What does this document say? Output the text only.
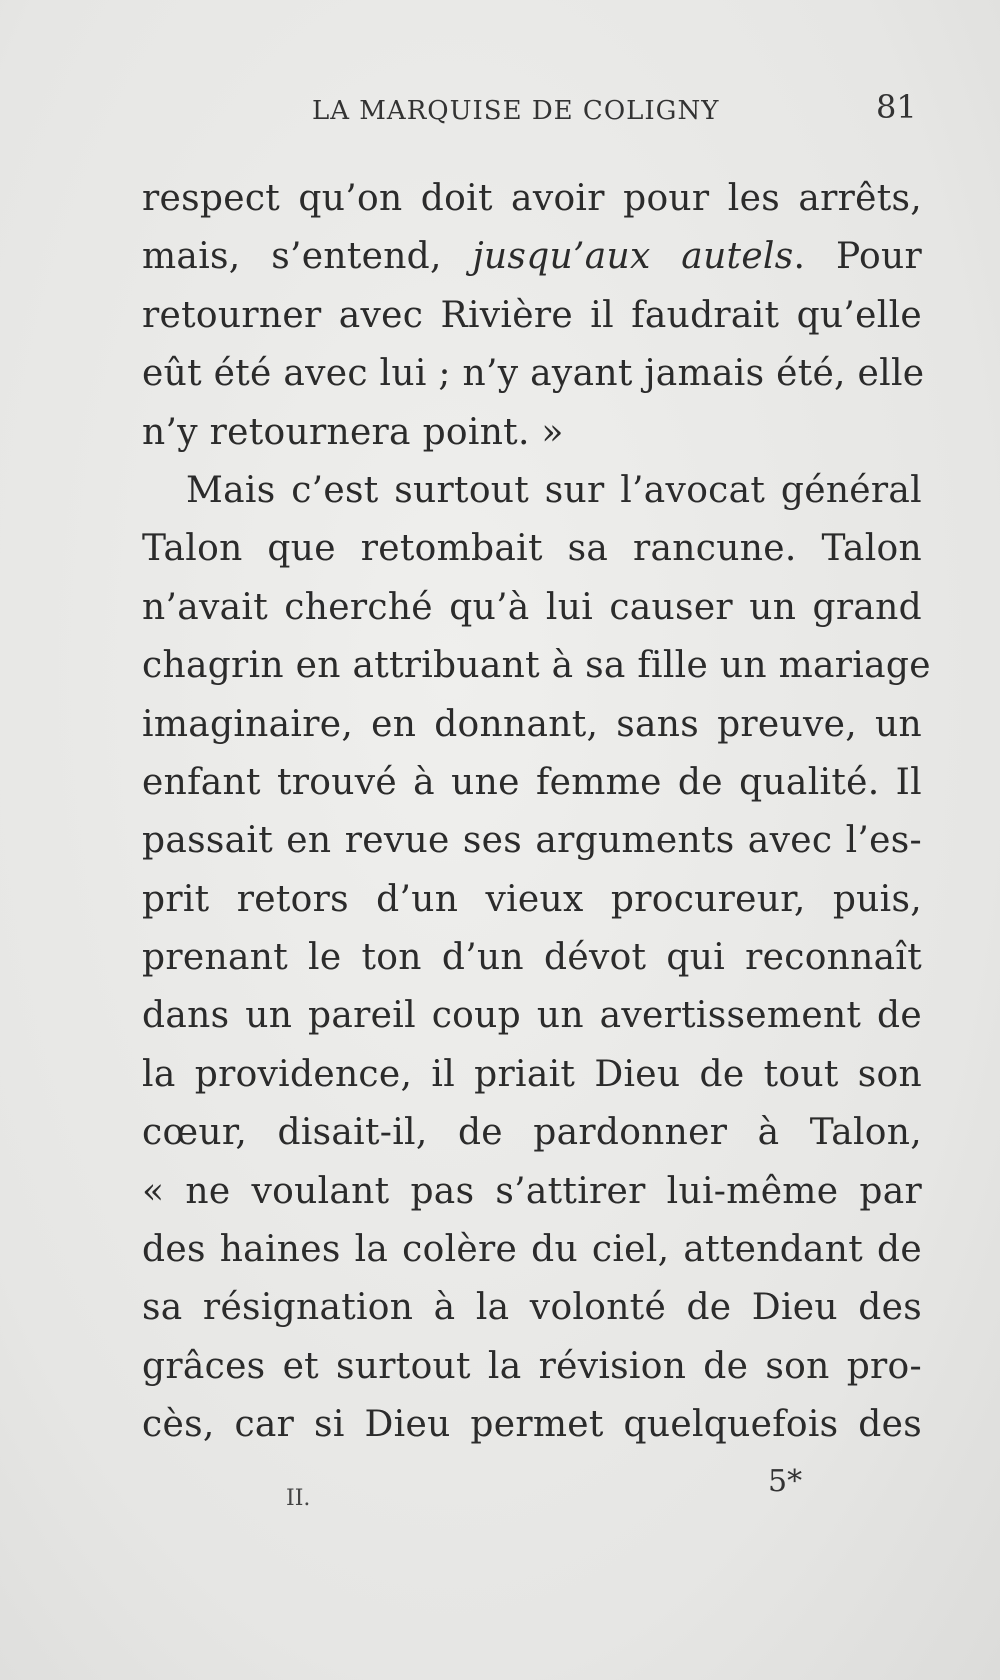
LA MARQUISE DE COLIGNY	81
respect qu’on doit avoir pour les arrêts,
mais, s’entend, jusqu’aux autels. Pour
retourner avec Rivière il faudrait qu’elle
eût été avec lui ; n’y ayant jamais été, elle
n’y retournera point. »
Mais c’est surtout sur l’avocat général
Talon que retombait sa rancune. Talon
n’avait cherché qu’à lui causer un grand
chagrin en attribuant à sa fille un mariage
imaginaire, en donnant, sans preuve, un
enfant trouvé à une femme de qualité. Il
passait en revue ses arguments avec l’es-
prit retors d’un vieux procureur, puis,
prenant le ton d’un dévot qui reconnaît
dans un pareil coup un avertissement de
la providence, il priait Dieu de tout son
cœur, disait-il, de pardonner à Talon,
« ne voulant pas s’attirer lui-même par
des haines la colère du ciel, attendant de
sa résignation à la volonté de Dieu des
grâces et surtout la révision de son pro-
cès, car si Dieu permet quelquefois des
II.	5*
